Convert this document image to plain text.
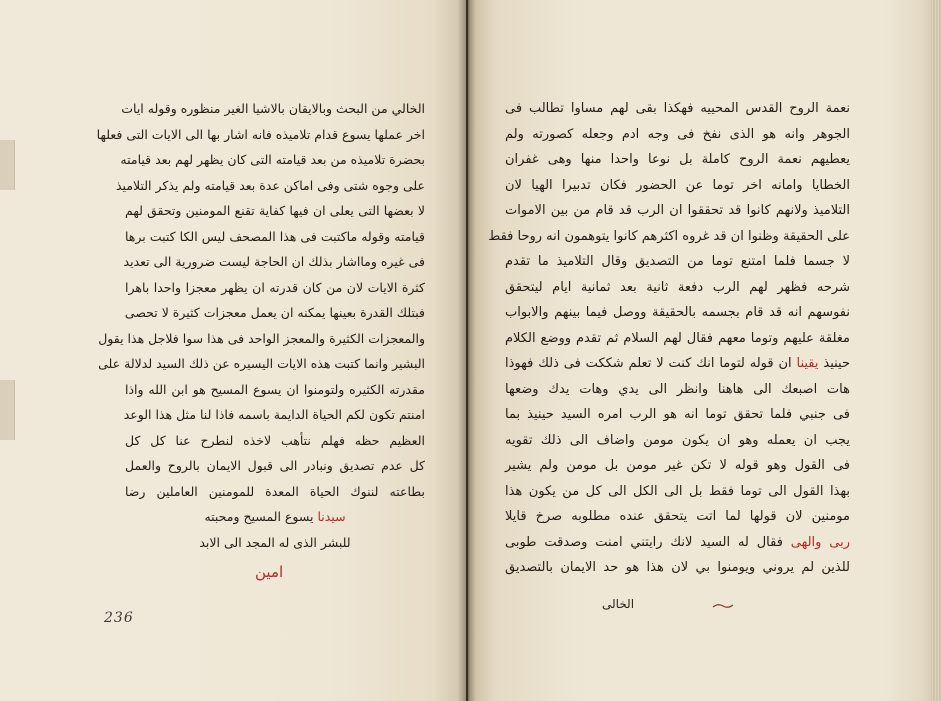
الخالي من البحث وبالايقان بالاشيا الغير منظوره وقوله ايات
اخر عملها يسوع قدام تلاميذه فانه اشار بها الى الايات التى فعلها
بحضرة تلاميذه من بعد قيامته التى كان يظهر لهم بعد قيامته
على وجوه شتى وفى اماكن عدة بعد قيامته ولم يذكر التلاميذ
لا بعضها التى يعلى ان فيها كفاية تقنع المومنين وتحقق لهم
قيامته وقوله ماكتبت فى هذا المصحف ليس الكا كتبت برها
فى غيره ومااشار بذلك ان الحاجة ليست ضرورية الى تعديد
كثرة الايات لان من كان قدرته ان يظهر معجزا واحدا باهرا
فبتلك القدرة بعينها يمكنه ان يعمل معجزات كثيرة لا تحصى
والمعجزات الكثيرة والمعجز الواحد فى هذا سوا فلاجل هذا يقول
البشير وانما كتبت هذه الايات اليسيره عن ذلك السيد لدلالة على
مقدرته الكثيره ولتومنوا ان يسوع المسيح هو ابن الله واذا
امنتم تكون لكم الحياة الدايمة باسمه فاذا لنا مثل هذا الوعد
العظيم حظه فهلم نتأهب لاخذه لنطرح عنا كل كل
كل عدم تصديق ونبادر الى قبول الايمان بالروح والعمل
بطاعته لننوك الحياة المعدة للمومنين العاملين رضا
سيدنا يسوع المسيح ومحبته
للبشر الذى له المجد الى الابد
امين
236
نعمة الروح القدس المحييه فهكذا بقى لهم مساوا تطالب فى
الجوهر وانه هو الذى نفخ فى وجه ادم وجعله كصورته ولم
يعطيهم نعمة الروح كاملة بل نوعا واحدا منها وهى غفران
الخطايا وامانه اخر توما عن الحضور فكان تدبيرا الهيا لان
التلاميذ ولانهم كانوا قد تحققوا ان الرب قد قام من بين الاموات
على الحقيقة وظنوا ان قد غروه اكثرهم كانوا يتوهمون انه روحا فقط
لا جسما فلما امتنع توما من التصديق وقال التلاميذ ما تقدم
شرحه فظهر لهم الرب دفعة ثانية بعد ثمانية ايام ليتحقق
نفوسهم انه قد قام بجسمه بالحقيقة ووصل فيما بينهم والابواب
مغلقة عليهم وتوما معهم فقال لهم السلام ثم تقدم ووضع الكلام
حينيذ يقينا ان قوله لتوما انك كنت لا تعلم شككت فى ذلك فهوذا
هات اصبعك الى هاهنا وانظر الى يدي وهات يدك وضعها
فى جنبي فلما تحقق توما انه هو الرب امره السيد حينيذ بما
يجب ان يعمله وهو ان يكون مومن واضاف الى ذلك تقويه
فى القول وهو قوله لا تكن غير مومن بل مومن ولم يشير
بهذا القول الى توما فقط بل الى الكل الى كل من يكون هذا
مومنين لان قولها لما اتت يتحقق عنده مطلوبه صرخ قايلا
ربى والهى فقال له السيد لانك رايتني امنت وصدقت طوبى
للذين لم يروني ويومنوا بي لان هذا هو حد الايمان بالتصديق
الخالى
